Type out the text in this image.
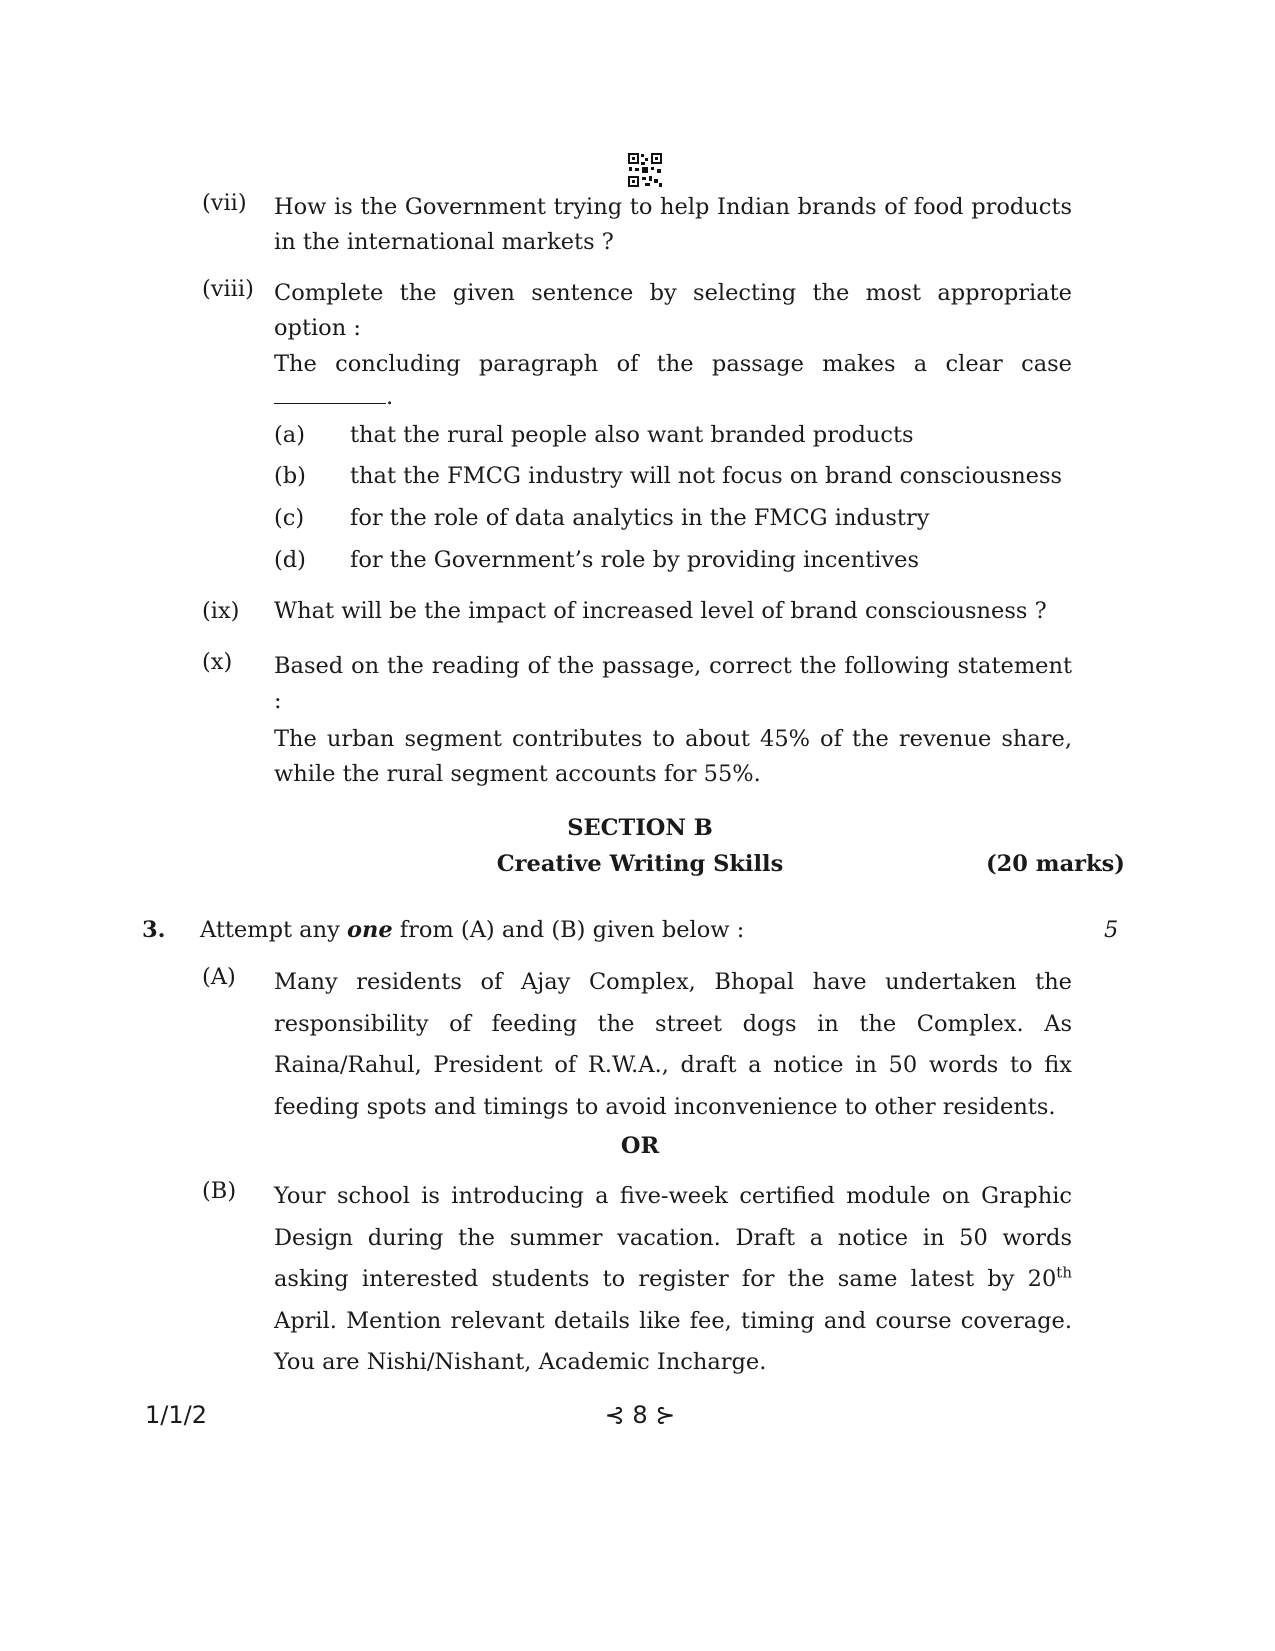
(vii) How is the Government trying to help Indian brands of food products in the international markets ?
(viii) Complete the given sentence by selecting the most appropriate option :
The concluding paragraph of the passage makes a clear case
.
(a) that the rural people also want branded products
(b) that the FMCG industry will not focus on brand consciousness
(c) for the role of data analytics in the FMCG industry
(d) for the Government’s role by providing incentives
(ix) What will be the impact of increased level of brand consciousness ?
(x) Based on the reading of the passage, correct the following statement :
The urban segment contributes to about 45% of the revenue share, while the rural segment accounts for 55%.
SECTION B
Creative Writing Skills	(20 marks)
3. Attempt any one from (A) and (B) given below :	5
(A) Many residents of Ajay Complex, Bhopal have undertaken the responsibility of feeding the street dogs in the Complex. As Raina/Rahul, President of R.W.A., draft a notice in 50 words to fix feeding spots and timings to avoid inconvenience to other residents.
OR
(B) Your school is introducing a five-week certified module on Graphic Design during the summer vacation. Draft a notice in 50 words asking interested students to register for the same latest by 20th April. Mention relevant details like fee, timing and course coverage. You are Nishi/Nishant, Academic Incharge.
1/1/2	⊰ 8 ⊱
